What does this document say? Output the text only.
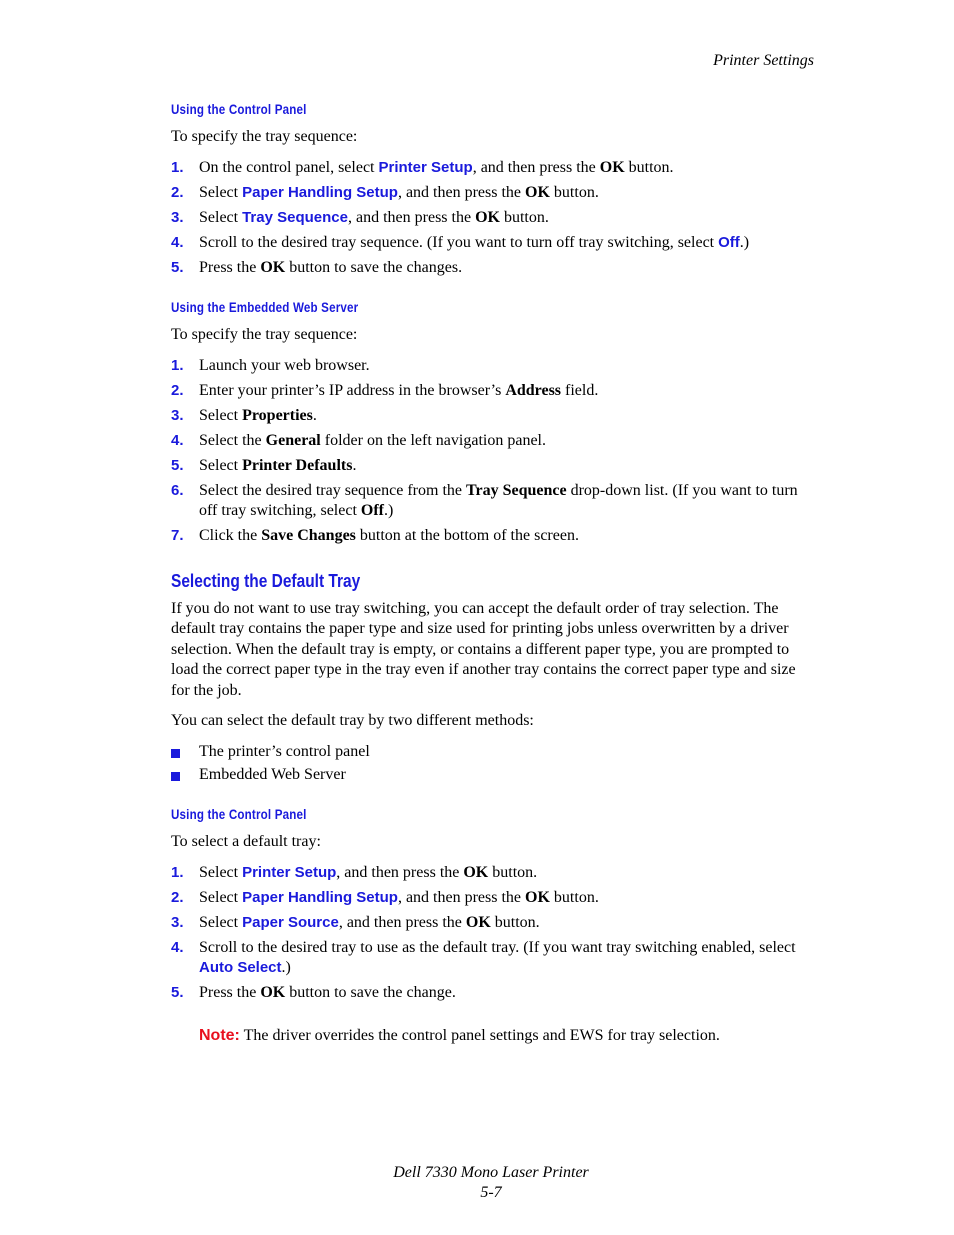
Printer Settings
Using the Control Panel

To specify the tray sequence:

1. On the control panel, select Printer Setup, and then press the OK button.
2. Select Paper Handling Setup, and then press the OK button.
3. Select Tray Sequence, and then press the OK button.
4. Scroll to the desired tray sequence. (If you want to turn off tray switching, select Off.)
5. Press the OK button to save the changes.
Using the Embedded Web Server

To specify the tray sequence:

1. Launch your web browser.
2. Enter your printer’s IP address in the browser’s Address field.
3. Select Properties.
4. Select the General folder on the left navigation panel.
5. Select Printer Defaults.
6. Select the desired tray sequence from the Tray Sequence drop-down list. (If you want to turn off tray switching, select Off.)
7. Click the Save Changes button at the bottom of the screen.
Selecting the Default Tray

If you do not want to use tray switching, you can accept the default order of tray selection. The default tray contains the paper type and size used for printing jobs unless overwritten by a driver selection. When the default tray is empty, or contains a different paper type, you are prompted to load the correct paper type in the tray even if another tray contains the correct paper type and size for the job.

You can select the default tray by two different methods:

The printer’s control panel
Embedded Web Server
Using the Control Panel

To select a default tray:

1. Select Printer Setup, and then press the OK button.
2. Select Paper Handling Setup, and then press the OK button.
3. Select Paper Source, and then press the OK button.
4. Scroll to the desired tray to use as the default tray. (If you want tray switching enabled, select Auto Select.)
5. Press the OK button to save the change.

Note: The driver overrides the control panel settings and EWS for tray selection.

Dell 7330 Mono Laser Printer
5-7
